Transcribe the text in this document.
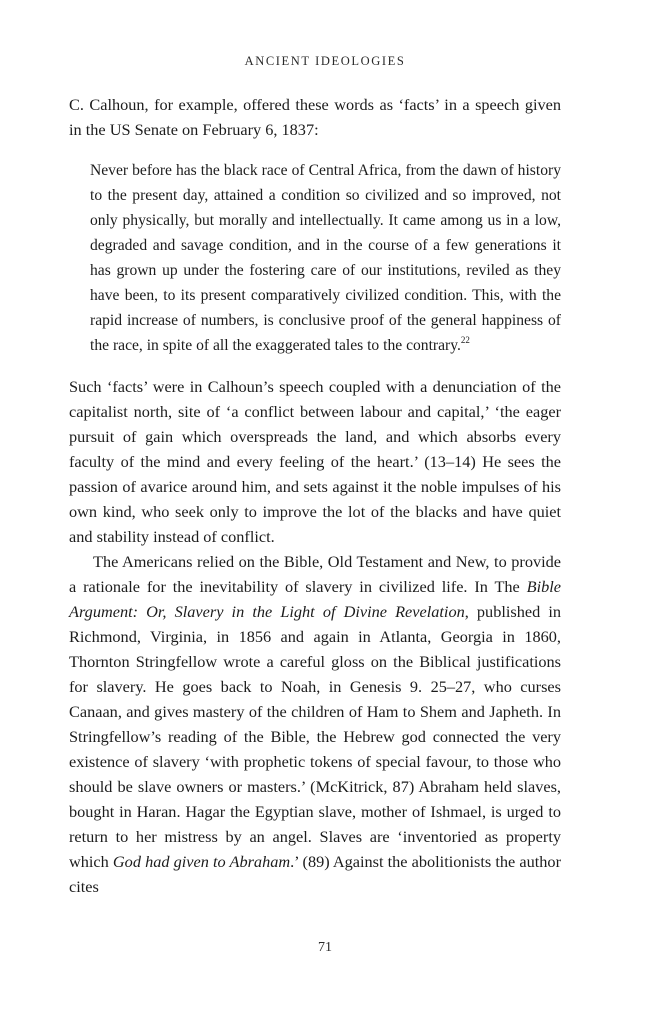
ANCIENT IDEOLOGIES

C. Calhoun, for example, offered these words as ‘facts’ in a speech given in the US Senate on February 6, 1837:

Never before has the black race of Central Africa, from the dawn of history to the present day, attained a condition so civilized and so improved, not only physically, but morally and intellectually. It came among us in a low, degraded and savage condition, and in the course of a few generations it has grown up under the fostering care of our institutions, reviled as they have been, to its present comparatively civilized condition. This, with the rapid increase of numbers, is conclusive proof of the general happiness of the race, in spite of all the exaggerated tales to the contrary.$^{22}$

Such ‘facts’ were in Calhoun’s speech coupled with a denunciation of the capitalist north, site of ‘a conflict between labour and capital,’ ‘the eager pursuit of gain which overspreads the land, and which absorbs every faculty of the mind and every feeling of the heart.’ (13–14) He sees the passion of avarice around him, and sets against it the noble impulses of his own kind, who seek only to improve the lot of the blacks and have quiet and stability instead of conflict.

The Americans relied on the Bible, Old Testament and New, to provide a rationale for the inevitability of slavery in civilized life. In The Bible Argument: Or, Slavery in the Light of Divine Revelation, published in Richmond, Virginia, in 1856 and again in Atlanta, Georgia in 1860, Thornton Stringfellow wrote a careful gloss on the Biblical justifications for slavery. He goes back to Noah, in Genesis 9. 25–27, who curses Canaan, and gives mastery of the children of Ham to Shem and Japheth. In Stringfellow’s reading of the Bible, the Hebrew god connected the very existence of slavery ‘with prophetic tokens of special favour, to those who should be slave owners or masters.’ (McKitrick, 87) Abraham held slaves, bought in Haran. Hagar the Egyptian slave, mother of Ishmael, is urged to return to her mistress by an angel. Slaves are ‘inventoried as property which God had given to Abraham.’ (89) Against the abolitionists the author cites

71
